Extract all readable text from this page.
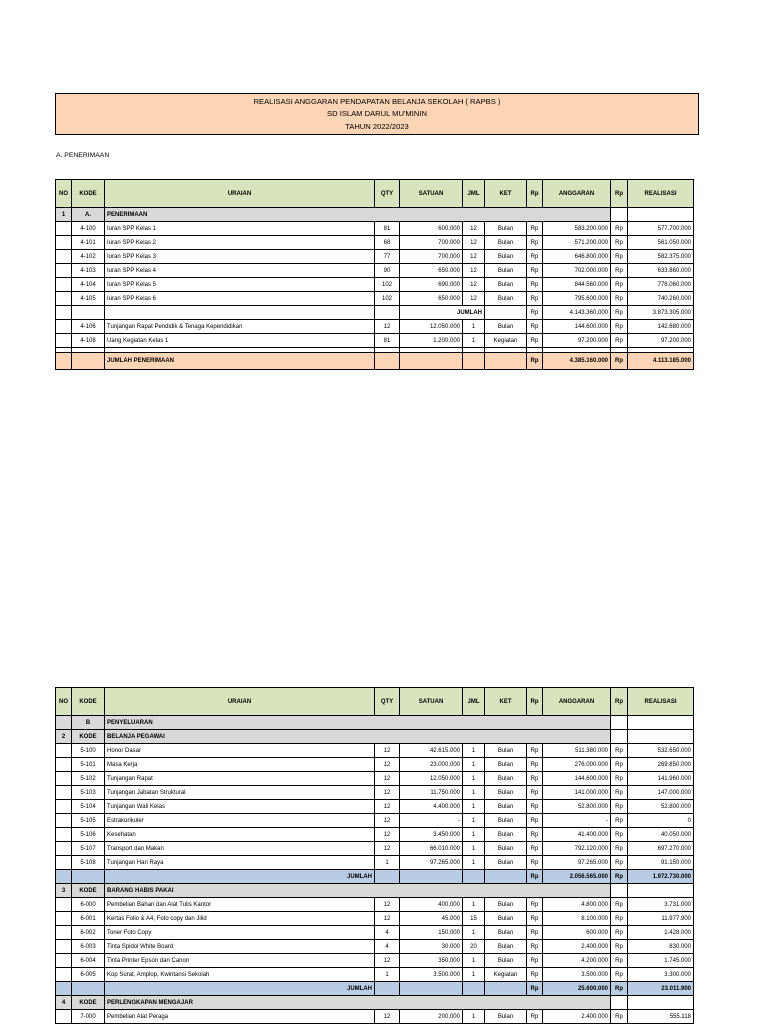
REALISASI ANGGARAN PENDAPATAN BELANJA SEKOLAH ( RAPBS )
SD ISLAM DARUL MU'MININ
TAHUN 2022/2023
A. PENERIMAAN
NO	KODE	URAIAN	QTY	SATUAN	JML	KET	Rp	ANGGARAN	Rp	REALISASI
1	A.	PENERIMAAN								
	4-100	Iuran SPP Kelas 1	81	600.000	12	Bulan	Rp	583.200.000	Rp	577.700.000
	4-101	Iuran SPP Kelas 2	68	700.000	12	Bulan	Rp	571.200.000	Rp	561.050.000
	4-102	Iuran SPP Kelas 3	77	700.000	12	Bulan	Rp	646.800.000	Rp	582.375.000
	4-103	Iuran SPP Kelas 4	90	650.000	12	Bulan	Rp	702.000.000	Rp	633.860.000
	4-104	Iuran SPP Kelas 5	102	690.000	12	Bulan	Rp	844.560.000	Rp	778.060.000
	4-105	Iuran SPP Kelas 6	102	650.000	12	Bulan	Rp	795.600.000	Rp	740.260.000
				JUMLAH			Rp	4.143.360.000	Rp	3.873.305.000
	4-106	Tunjangan Rapat Pendidik & Tenaga Kependidikan	12	12.050.000	1	Bulan	Rp	144.600.000	Rp	142.680.000
	4-108	Uang Kegiatan Kelas 1	81	1.200.000	1	Kegiatan	Rp	97.200.000	Rp	97.200.000

		JUMLAH PENERIMAAN					Rp	4.385.160.000	Rp	4.113.185.000
NO	KODE	URAIAN	QTY	SATUAN	JML	KET	Rp	ANGGARAN	Rp	REALISASI
	B	PENYELUARAN								
2	KODE	BELANJA PEGAWAI								
	5-100	Honor Dasar	12	42.615.000	1	Bulan	Rp	511.380.000	Rp	532.650.000
	5-101	Masa Kerja	12	23.000.000	1	Bulan	Rp	276.000.000	Rp	269.850.000
	5-102	Tunjangan Rapat	12	12.050.000	1	Bulan	Rp	144.600.000	Rp	141.960.000
	5-103	Tunjangan Jabatan Struktural	12	11.750.000	1	Bulan	Rp	141.000.000	Rp	147.000.000
	5-104	Tunjangan Wali Kelas	12	4.400.000	1	Bulan	Rp	52.800.000	Rp	52.800.000
	5-105	Estrakurikuler	12	-	1	Bulan	Rp	-	Rp	0
	5-106	Kesehatan	12	3.450.000	1	Bulan	Rp	41.400.000	Rp	40.050.000
	5-107	Transport dan Makan	12	66.010.000	1	Bulan	Rp	792.120.000	Rp	697.270.000
	5-108	Tunjangan Hari Raya	1	97.265.000	1	Bulan	Rp	97.265.000	Rp	91.150.000
		JUMLAH					Rp	2.056.565.000	Rp	1.972.730.000
3	KODE	BARANG HABIS PAKAI								
	6-000	Pembelian Bahan dan Alat Tulis Kantor	12	400.000	1	Bulan	Rp	4.800.000	Rp	3.731.000
	6-001	Kertas Folio & A4, Foto copy dan Jilid	12	45.000	15	Bulan	Rp	8.100.000	Rp	11.977.900
	6-002	Toner Foto Copy	4	150.000	1	Bulan	Rp	600.000	Rp	1.428.000
	6-003	Tinta Spidol White Board	4	30.000	20	Bulan	Rp	2.400.000	Rp	830.000
	6-004	Tinta Printer Epson dan Canon	12	350.000	1	Bulan	Rp	4.200.000	Rp	1.745.000
	6-005	Kop Surat, Amplop, Kwintansi Sekolah	1	3.500.000	1	Kegiatan	Rp	3.500.000	Rp	3.300.000
		JUMLAH					Rp	25.600.000	Rp	23.011.900
4	KODE	PERLENGKAPAN MENGAJAR								
	7-000	Pembelian Alat Peraga	12	200.000	1	Bulan	Rp	2.400.000	Rp	555.118
